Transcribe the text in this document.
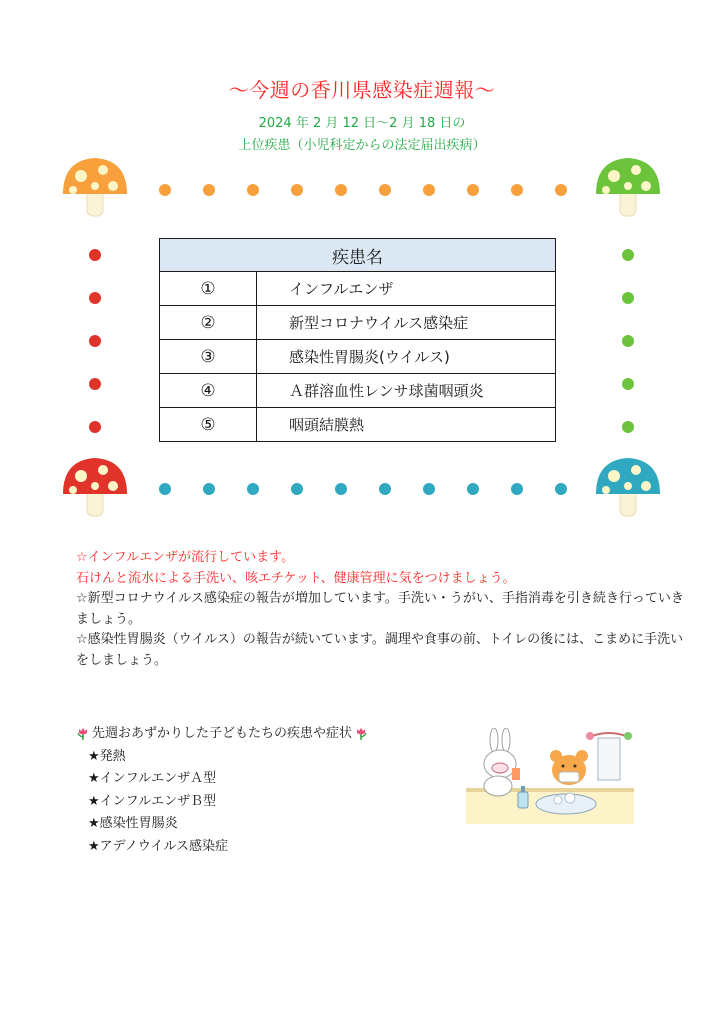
～今週の香川県感染症週報～
2024 年 2 月 12 日～2 月 18 日の
上位疾患（小児科定からの法定届出疾病）
疾患名	
①	インフルエンザ
②	新型コロナウイルス感染症
③	感染性胃腸炎(ウイルス)
④	Ａ群溶血性レンサ球菌咽頭炎
⑤	咽頭結膜熱

☆インフルエンザが流行しています。

石けんと流水による手洗い、咳エチケット、健康管理に気をつけましょう。

☆新型コロナウイルス感染症の報告が増加しています。手洗い・うがい、手指消毒を引き続き行っていきましょう。

☆感染性胃腸炎（ウイルス）の報告が続いています。調理や食事の前、トイレの後には、こまめに手洗いをしましょう。

先週おあずかりした子どもたちの疾患や症状
★発熱
★インフルエンザＡ型
★インフルエンザＢ型
★感染性胃腸炎
★アデノウイルス感染症
